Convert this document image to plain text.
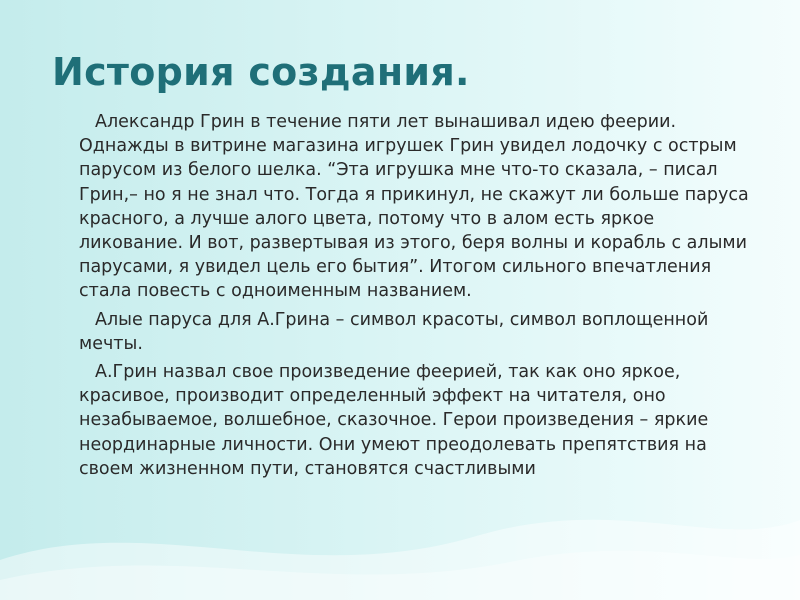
История создания.

Александр Грин в течение пяти лет вынашивал идею феерии. Однажды в витрине магазина игрушек Грин увидел лодочку с острым парусом из белого шелка. “Эта игрушка мне что-то сказала, – писал Грин,– но я не знал что. Тогда я прикинул, не скажут ли больше паруса красного, а лучше алого цвета, потому что в алом есть яркое ликование. И вот, развертывая из этого, беря волны и корабль с алыми парусами, я увидел цель его бытия”. Итогом сильного впечатления стала повесть с одноименным названием.

Алые паруса для А.Грина – символ красоты, символ воплощенной мечты.

А.Грин назвал свое произведение феерией, так как оно яркое, красивое, производит определенный эффект на читателя, оно незабываемое, волшебное, сказочное. Герои произведения – яркие неординарные личности. Они умеют преодолевать препятствия на своем жизненном пути, становятся счастливыми
